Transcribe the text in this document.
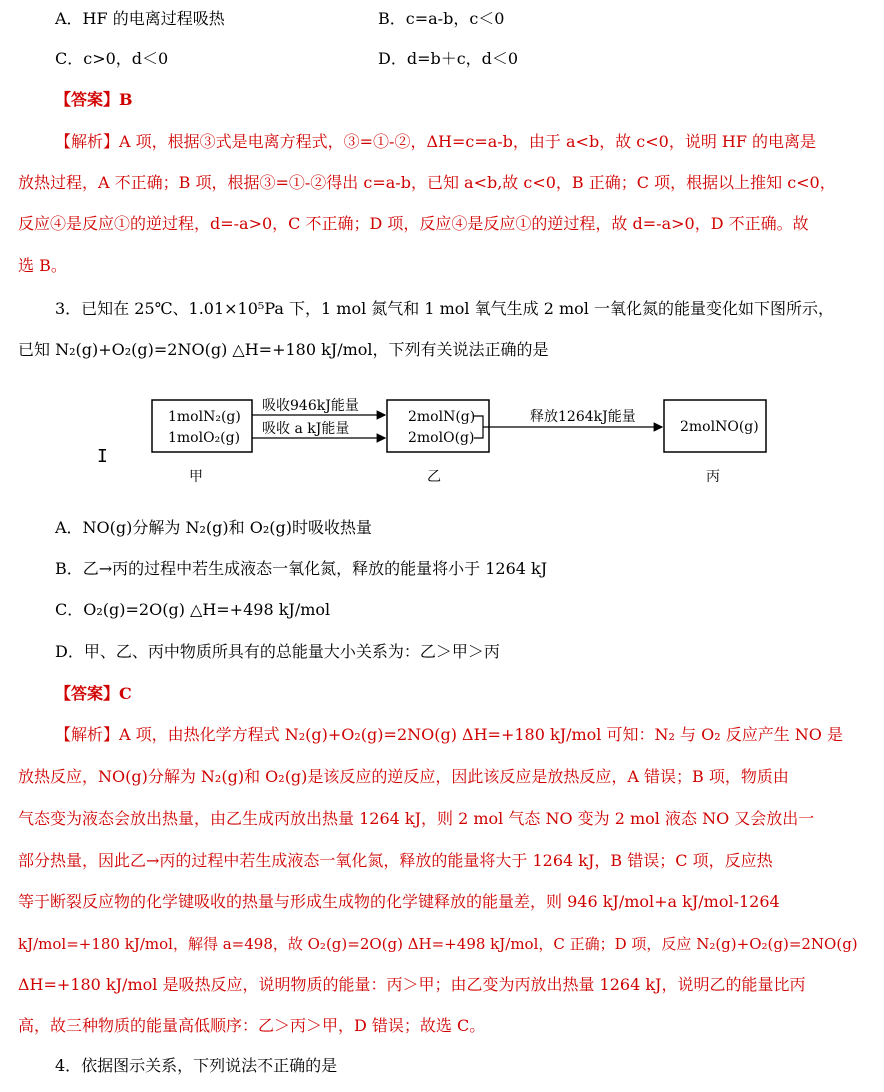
A．HF 的电离过程吸热	B．c=a-b，c＜0
C．c>0，d＜0	D．d=b＋c，d＜0
【答案】B
【解析】A 项，根据③式是电离方程式，③=①-②，ΔH=c=a-b，由于 a<b，故 c<0，说明 HF 的电离是
放热过程，A 不正确；B 项，根据③=①-②得出 c=a-b，已知 a<b,故 c<0，B 正确；C 项，根据以上推知 c<0，
反应④是反应①的逆过程，d=-a>0，C 不正确；D 项，反应④是反应①的逆过程，故 d=-a>0，D 不正确。故
选 B。
3．已知在 25℃、1.01×10⁵Pa 下，1 mol 氮气和 1 mol 氧气生成 2 mol 一氧化氮的能量变化如下图所示，
已知 N₂(g)+O₂(g)=2NO(g) △H=+180 kJ/mol，下列有关说法正确的是
1molN₂(g)
1molO₂(g)
2molN(g)
2molO(g)
2molNO(g)
吸收946kJ能量
吸收 a kJ能量
释放1264kJ能量
甲	乙	丙
I
A．NO(g)分解为 N₂(g)和 O₂(g)时吸收热量
B．乙→丙的过程中若生成液态一氧化氮，释放的能量将小于 1264 kJ
C．O₂(g)=2O(g) △H=+498 kJ/mol
D．甲、乙、丙中物质所具有的总能量大小关系为：乙＞甲＞丙
【答案】C
【解析】A 项，由热化学方程式 N₂(g)+O₂(g)=2NO(g) ΔH=+180 kJ/mol 可知：N₂ 与 O₂ 反应产生 NO 是
放热反应，NO(g)分解为 N₂(g)和 O₂(g)是该反应的逆反应，因此该反应是放热反应，A 错误；B 项，物质由
气态变为液态会放出热量，由乙生成丙放出热量 1264 kJ，则 2 mol 气态 NO 变为 2 mol 液态 NO 又会放出一
部分热量，因此乙→丙的过程中若生成液态一氧化氮，释放的能量将大于 1264 kJ，B 错误；C 项，反应热
等于断裂反应物的化学键吸收的热量与形成生成物的化学键释放的能量差，则 946 kJ/mol+a kJ/mol-1264
kJ/mol=+180 kJ/mol，解得 a=498，故 O₂(g)=2O(g) ΔH=+498 kJ/mol，C 正确；D 项，反应 N₂(g)+O₂(g)=2NO(g)
ΔH=+180 kJ/mol 是吸热反应，说明物质的能量：丙＞甲；由乙变为丙放出热量 1264 kJ，说明乙的能量比丙
高，故三种物质的能量高低顺序：乙＞丙＞甲，D 错误；故选 C。
4．依据图示关系，下列说法不正确的是
